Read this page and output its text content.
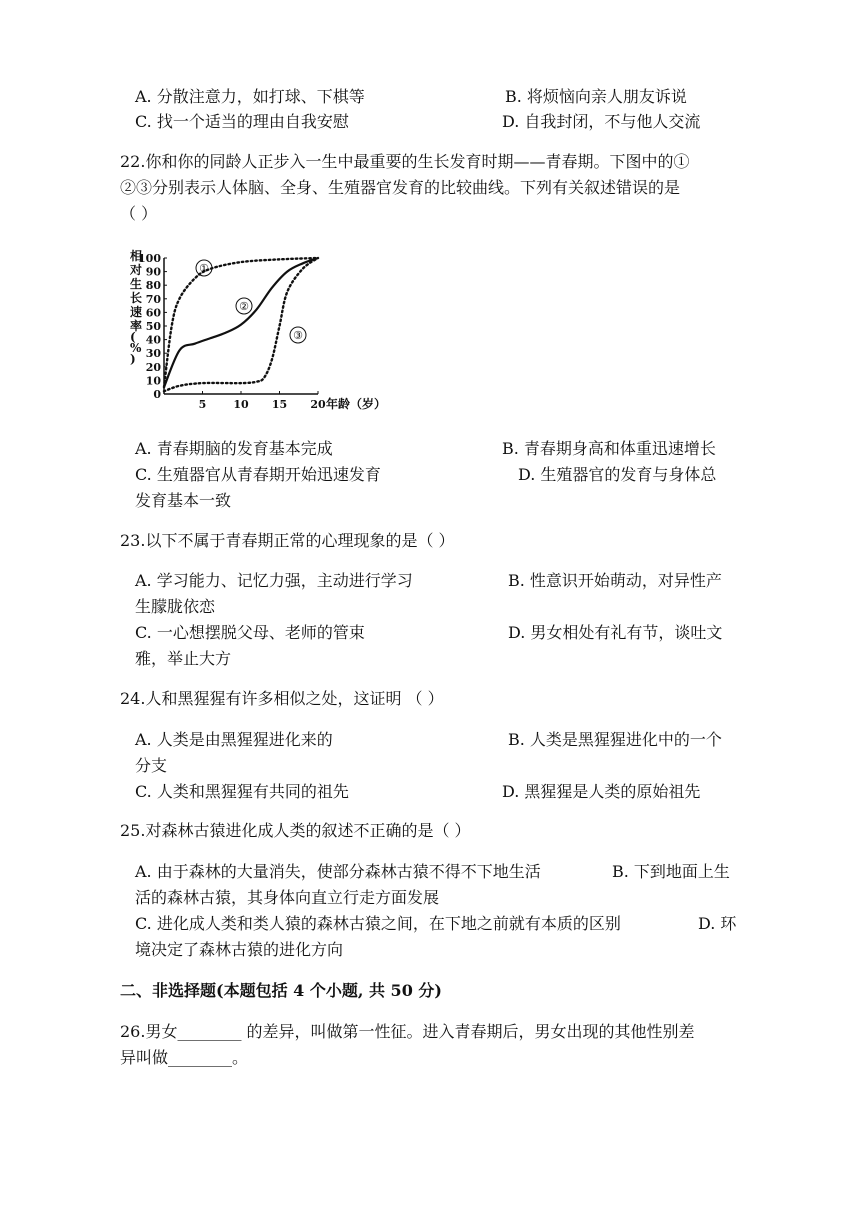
A. 分散注意力，如打球、下棋等	B. 将烦恼向亲人朋友诉说
C. 找一个适当的理由自我安慰	D. 自我封闭，不与他人交流
22.你和你的同龄人正步入一生中最重要的生长发育时期——青春期。下图中的①
②③分别表示人体脑、全身、生殖器官发育的比较曲线。下列有关叙述错误的是
（ ）
相对生长速率( % )
0
10
20
30
40
50
60
70
80
90
100
5 10 15 20 年龄（岁）
①
②
③
A. 青春期脑的发育基本完成	B. 青春期身高和体重迅速增长
C. 生殖器官从青春期开始迅速发育	D. 生殖器官的发育与身体总
发育基本一致
23.以下不属于青春期正常的心理现象的是（ ）
A. 学习能力、记忆力强，主动进行学习	B. 性意识开始萌动，对异性产
生朦胧依恋
C. 一心想摆脱父母、老师的管束	D. 男女相处有礼有节，谈吐文
雅，举止大方
24.人和黑猩猩有许多相似之处，这证明 （ ）
A. 人类是由黑猩猩进化来的	B. 人类是黑猩猩进化中的一个
分支
C. 人类和黑猩猩有共同的祖先	D. 黑猩猩是人类的原始祖先
25.对森林古猿进化成人类的叙述不正确的是（ ）
A. 由于森林的大量消失，使部分森林古猿不得不下地生活	B. 下到地面上生
活的森林古猿，其身体向直立行走方面发展
C. 进化成人类和类人猿的森林古猿之间，在下地之前就有本质的区别	D. 环
境决定了森林古猿的进化方向
二、非选择题(本题包括 4 个小题, 共 50 分)
26.男女________ 的差异，叫做第一性征。进入青春期后，男女出现的其他性别差
异叫做________。
